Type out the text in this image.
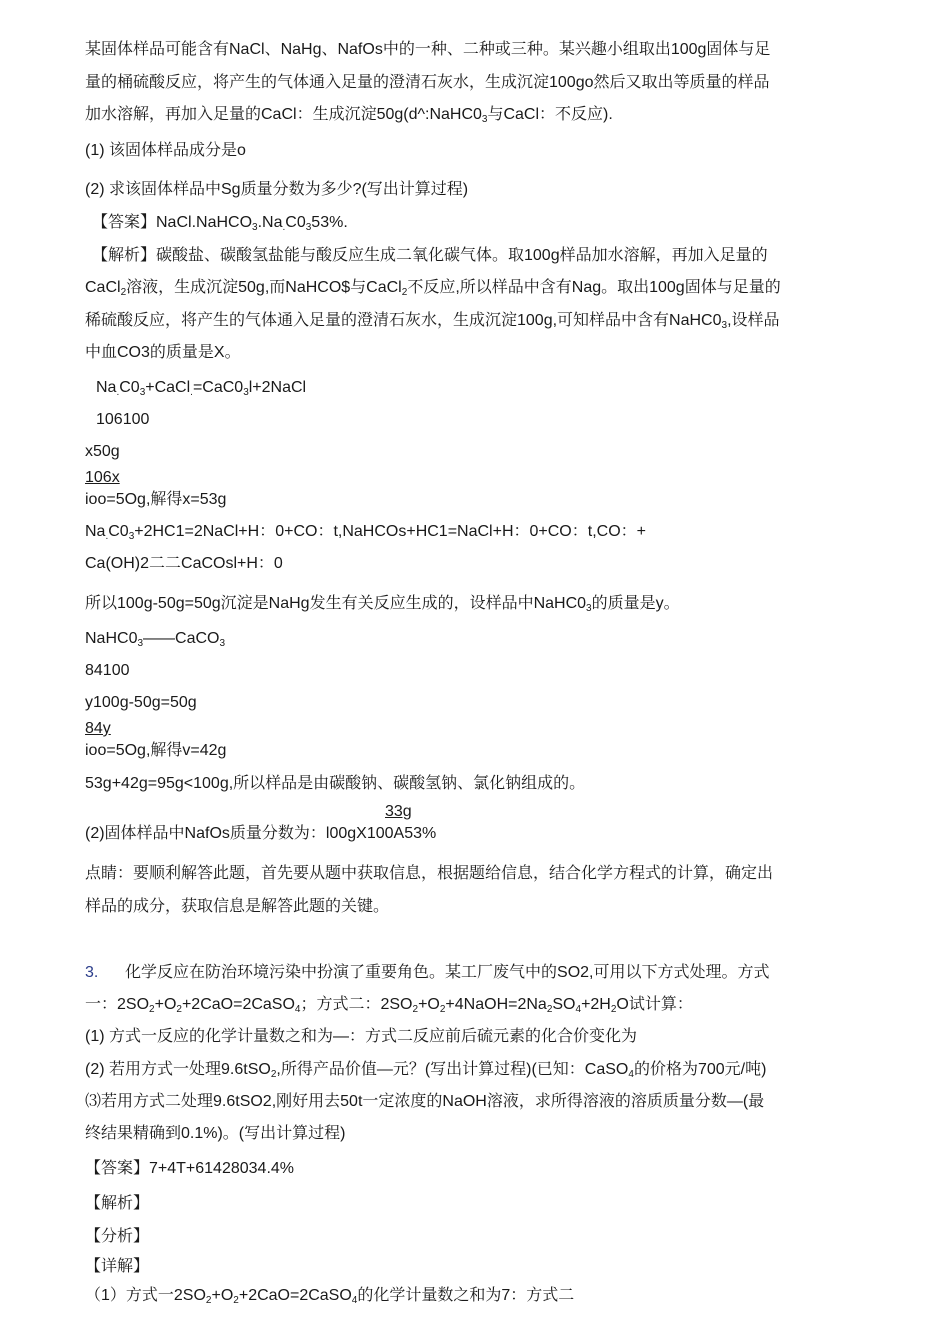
某固体样品可能含有NaCl、NaHg、NafOs中的一种、二种或三种。某兴趣小组取出100g固体与足
量的桶硫酸反应，将产生的气体通入足量的澄清石灰水，生成沉淀100go然后又取出等质量的样品
加水溶解，再加入足量的CaCl：生成沉淀$50g(d\^{}:NaHC0_3$与CaCl：不反应).
(1) 该固体样品成分是o
(2) 求该固体样品中Sg质量分数为多少?(写出计算过程)
【答案】$NaCl.NaHCO_3.Na_.C0_353\%$.
【解析】碳酸盐、碳酸氢盐能与酸反应生成二氧化碳气体。取100g样品加水溶解，再加入足量的
CaCl$_2$溶液，生成沉淀50g,而NaHCO$与CaCl$_2$不反应,所以样品中含有Nag。取出100g固体与足量的
稀硫酸反应，将产生的气体通入足量的澄清石灰水，生成沉淀100g,可知样品中含有$NaHC0_3$,设样品
中血CO3的质量是X。
$Na_.C0_3+CaCl_.=CaC0_3l+2NaCl$
106100
x50g
106x
ioo=5Og,解得x=53g
$Na_.C0_3+2HC1=2NaCl+H$：0+CO：t,NaHCOs+HC1=NaCl+H：0+CO：t,CO：+
Ca(OH)2二二CaCOsl+H：0
所以100g-50g=50g沉淀是NaHg发生有关反应生成的，设样品中$NaHC0_3$的质量是y。
$NaHC0_3——CaCO_3$
84100
y100g-50g=50g
84y
ioo=5Og,解得v=42g
53g+42g=95g<100g,所以样品是由碳酸钠、碳酸氢钠、氯化钠组成的。
33g
(2)固体样品中NafOs质量分数为：l00gX100A53%
点睛：要顺利解答此题，首先要从题中获取信息，根据题给信息，结合化学方程式的计算，确定出
样品的成分，获取信息是解答此题的关键。
3. 化学反应在防治环境污染中扮演了重要角色。某工厂废气中的SO2,可用以下方式处理。方式
一：$2SO_2+O_2+2CaO=2CaSO_4$；方式二：$2SO_2+O_2+4NaOH=2Na_2SO_4+2H_2O$试计算：
(1) 方式一反应的化学计量数之和为—：方式二反应前后硫元素的化合价变化为
(2) 若用方式一处理9.6tSO$_2$,所得产品价值—元？(写出计算过程)(已知：CaSO$_4$的价格为700元/吨)
⑶若用方式二处理9.6tSO2,刚好用去50t一定浓度的NaOH溶液，求所得溶液的溶质质量分数—(最
终结果精确到0.1%)。(写出计算过程)
【答案】7+4T+61428034.4%
【解析】
【分析】
【详解】
（1）方式一$2SO_2+O_2+2CaO=2CaSO_4$的化学计量数之和为7：方式二
